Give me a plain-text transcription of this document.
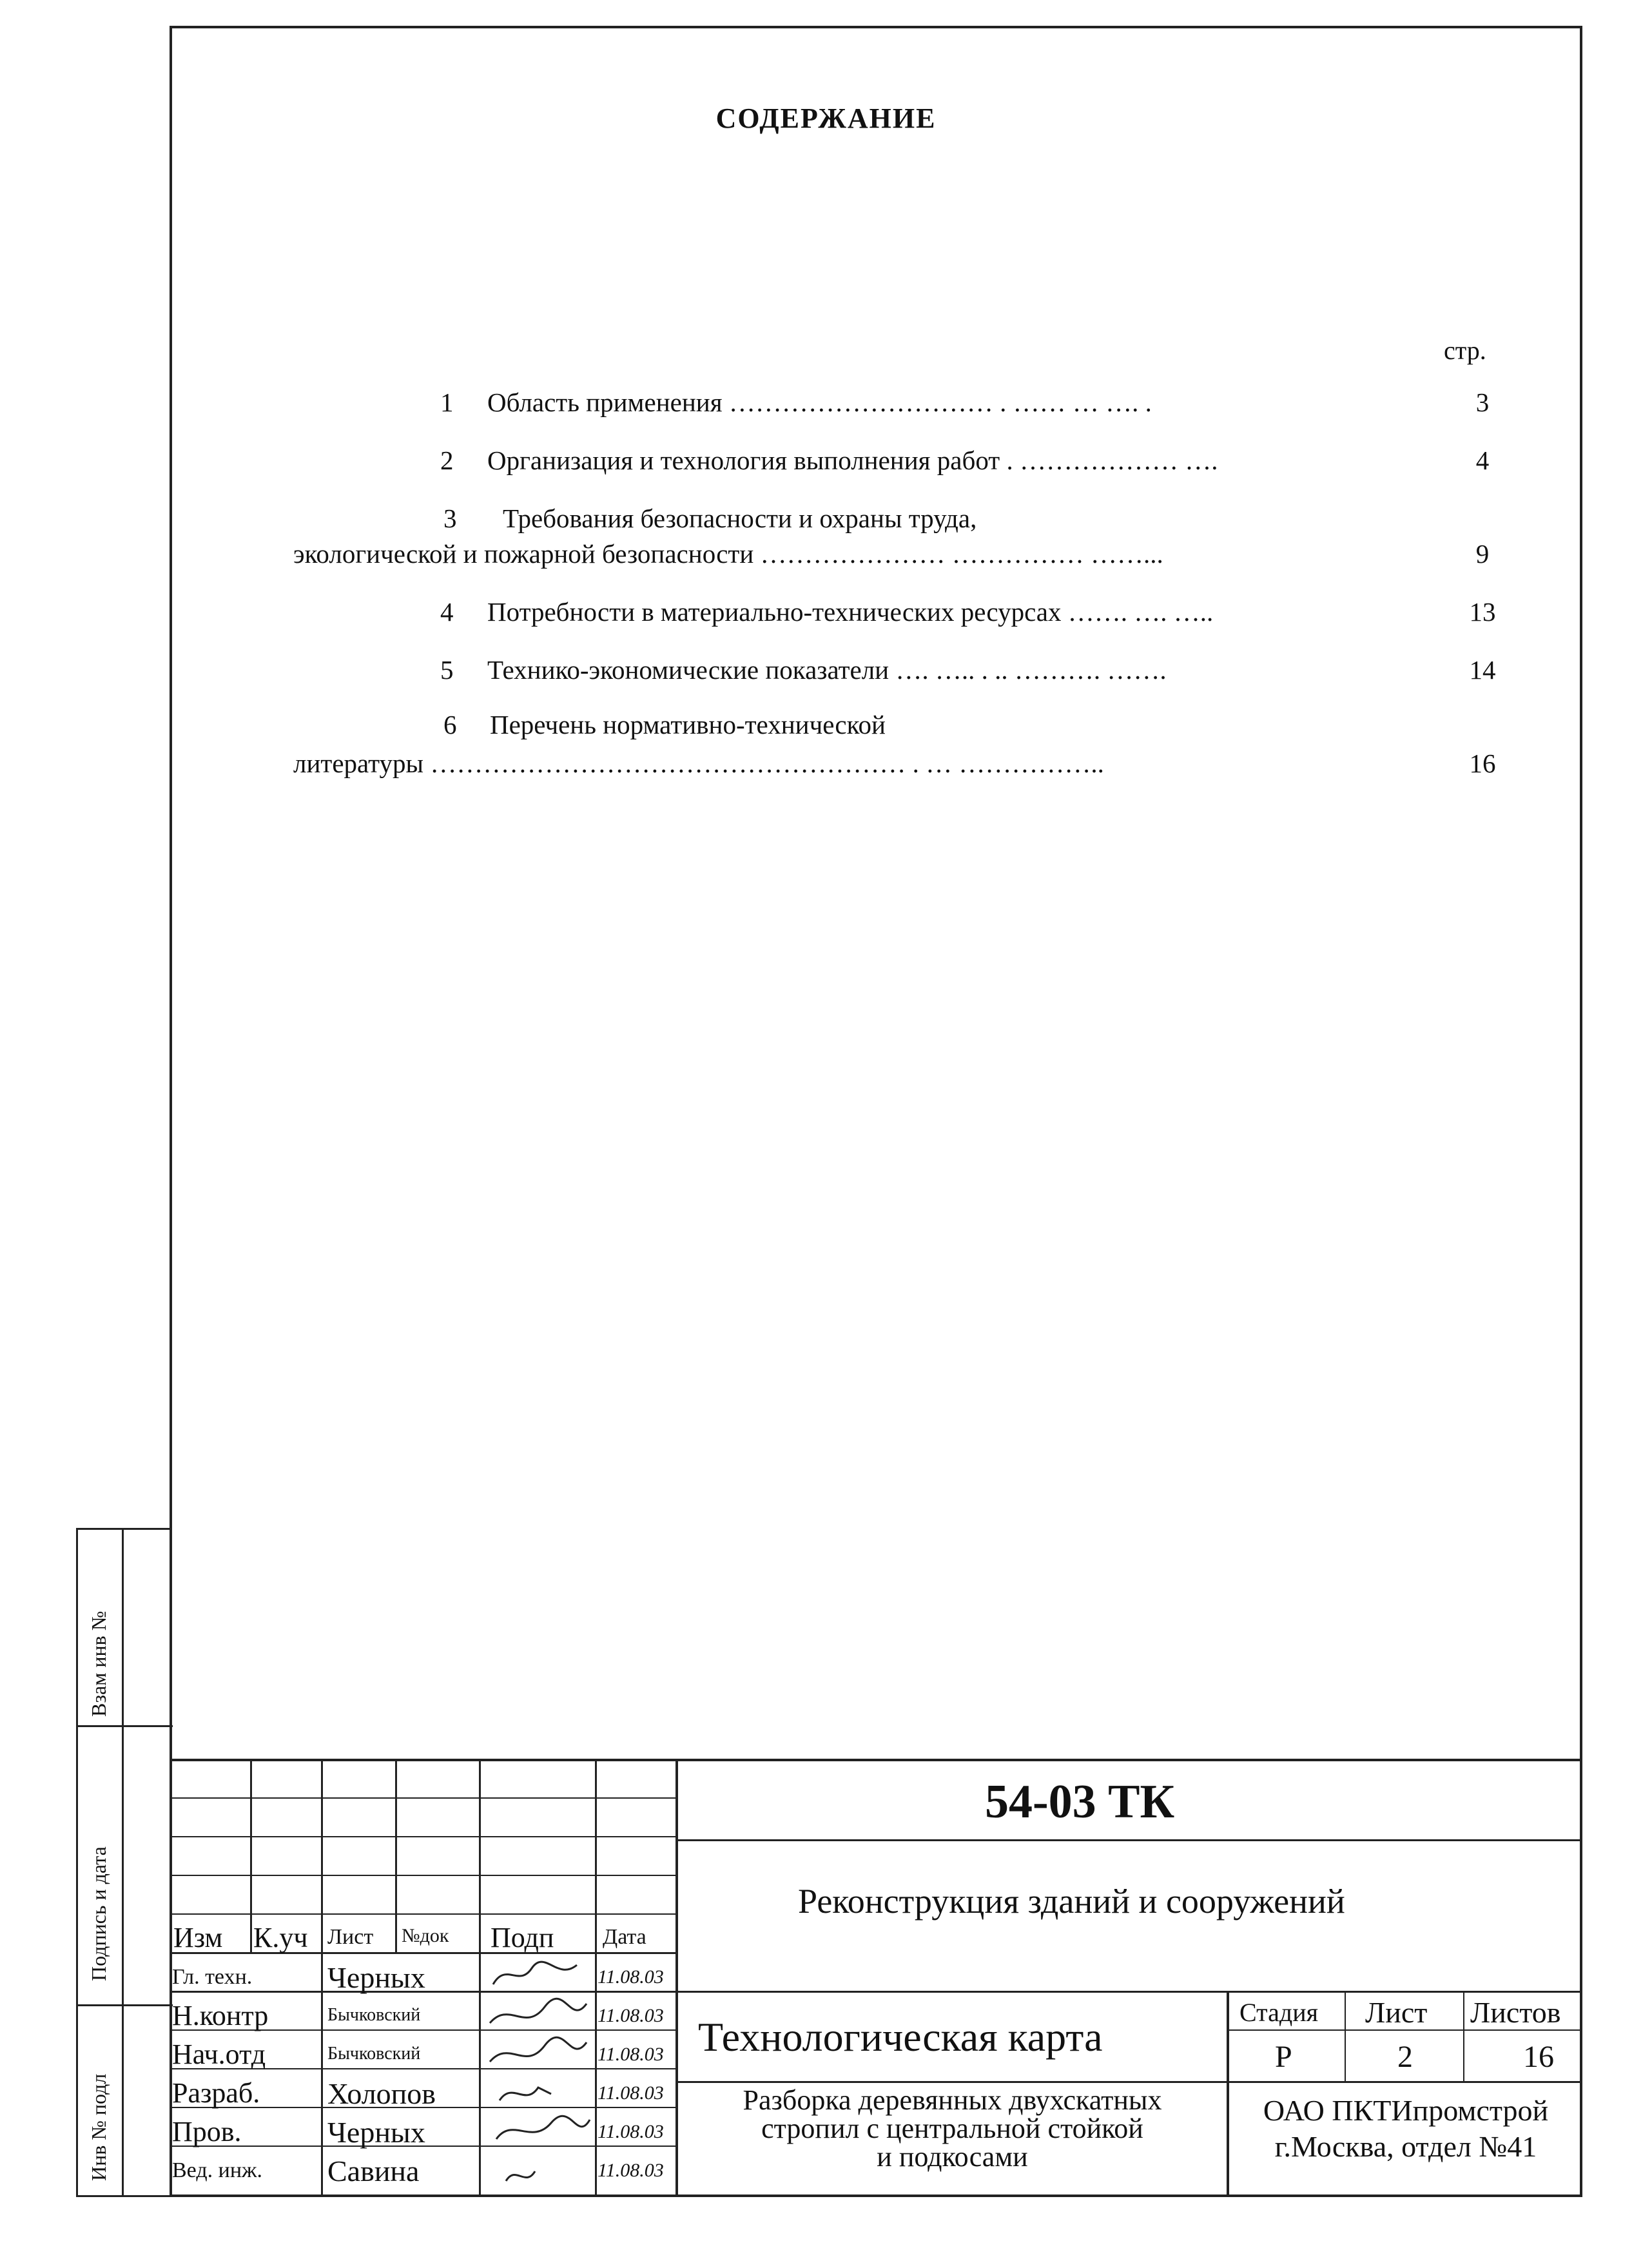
СОДЕРЖАНИЕ
стр.
1 Область применения ………………………… . …… … …. .	3
2 Организация и технология выполнения работ . ……………… ….	4
3 Требования безопасности и охраны труда,
экологической и пожарной безопасности ………………… …………… ……...	9
4 Потребности в материально-технических ресурсах ……. …. …..	13
5 Технико-экономические показатели …. ….. . .. ………. …….	14
6 Перечень нормативно-технической
литературы ……………………………………………… . … ……………..	16
Взам инв №
Подпись и дата
Инв № подл
Изм К.уч Лист №док Подп Дата
Гл. техн.	Черных	11.08.03
Н.контр	Бычковский	11.08.03
Нач.отд	Бычковский	11.08.03
Разраб. Холопов	11.08.03
Пров.	Черных	11.08.03
Вед. инж. Савина	11.08.03
54-03 ТК
Реконструкция зданий и сооружений
Технологическая карта
Разборка деревянных двухскатных
стропил с центральной стойкой
и подкосами
Стадия Лист Листов
Р	2	16
ОАО ПКТИпромстрой
г.Москва, отдел №41
